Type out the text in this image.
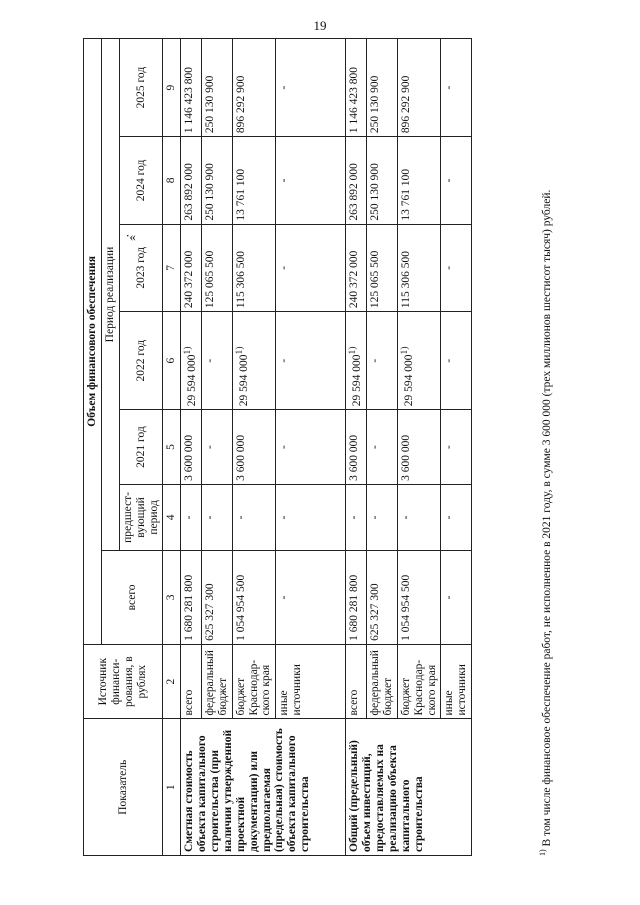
19
».
Показатель	Источник финанси-рования, в рублях	Объем финансового обеспечения						
		всего	Период реализации					
			предшест-вующий период	2021 год	2022 год	2023 год	2024 год	2025 год
1	2	3	4	5	6	7	8	9
Сметная стоимость объекта капитального строительства (при наличии утвержденной проектной документации) или предполагаемая (предельная) стоимость объекта капитального строительства	всего	1 680 281 800	-	3 600 000	29 594 000$^{1)}$	240 372 000	263 892 000	1 146 423 800
	федеральный бюджет	625 327 300	-	-	-	125 065 500	250 130 900	250 130 900
	бюджет Краснодар-ского края	1 054 954 500	-	3 600 000	29 594 000$^{1)}$	115 306 500	13 761 100	896 292 900
	иные источники	-	-	-	-	-	-	-
Общий (предельный) объем инвестиций, предоставляемых на реализацию объекта капитального строительства	всего	1 680 281 800	-	3 600 000	29 594 000$^{1)}$	240 372 000	263 892 000	1 146 423 800
	федеральный бюджет	625 327 300	-	-	-	125 065 500	250 130 900	250 130 900
	бюджет Краснодар-ского края	1 054 954 500	-	3 600 000	29 594 000$^{1)}$	115 306 500	13 761 100	896 292 900
	иные источники	-	-	-	-	-	-	-
$^{1)}$ В том числе финансовое обеспечение работ, не исполненное в 2021 году, в сумме 3 600 000 (трех миллионов шестисот тысяч) рублей.
